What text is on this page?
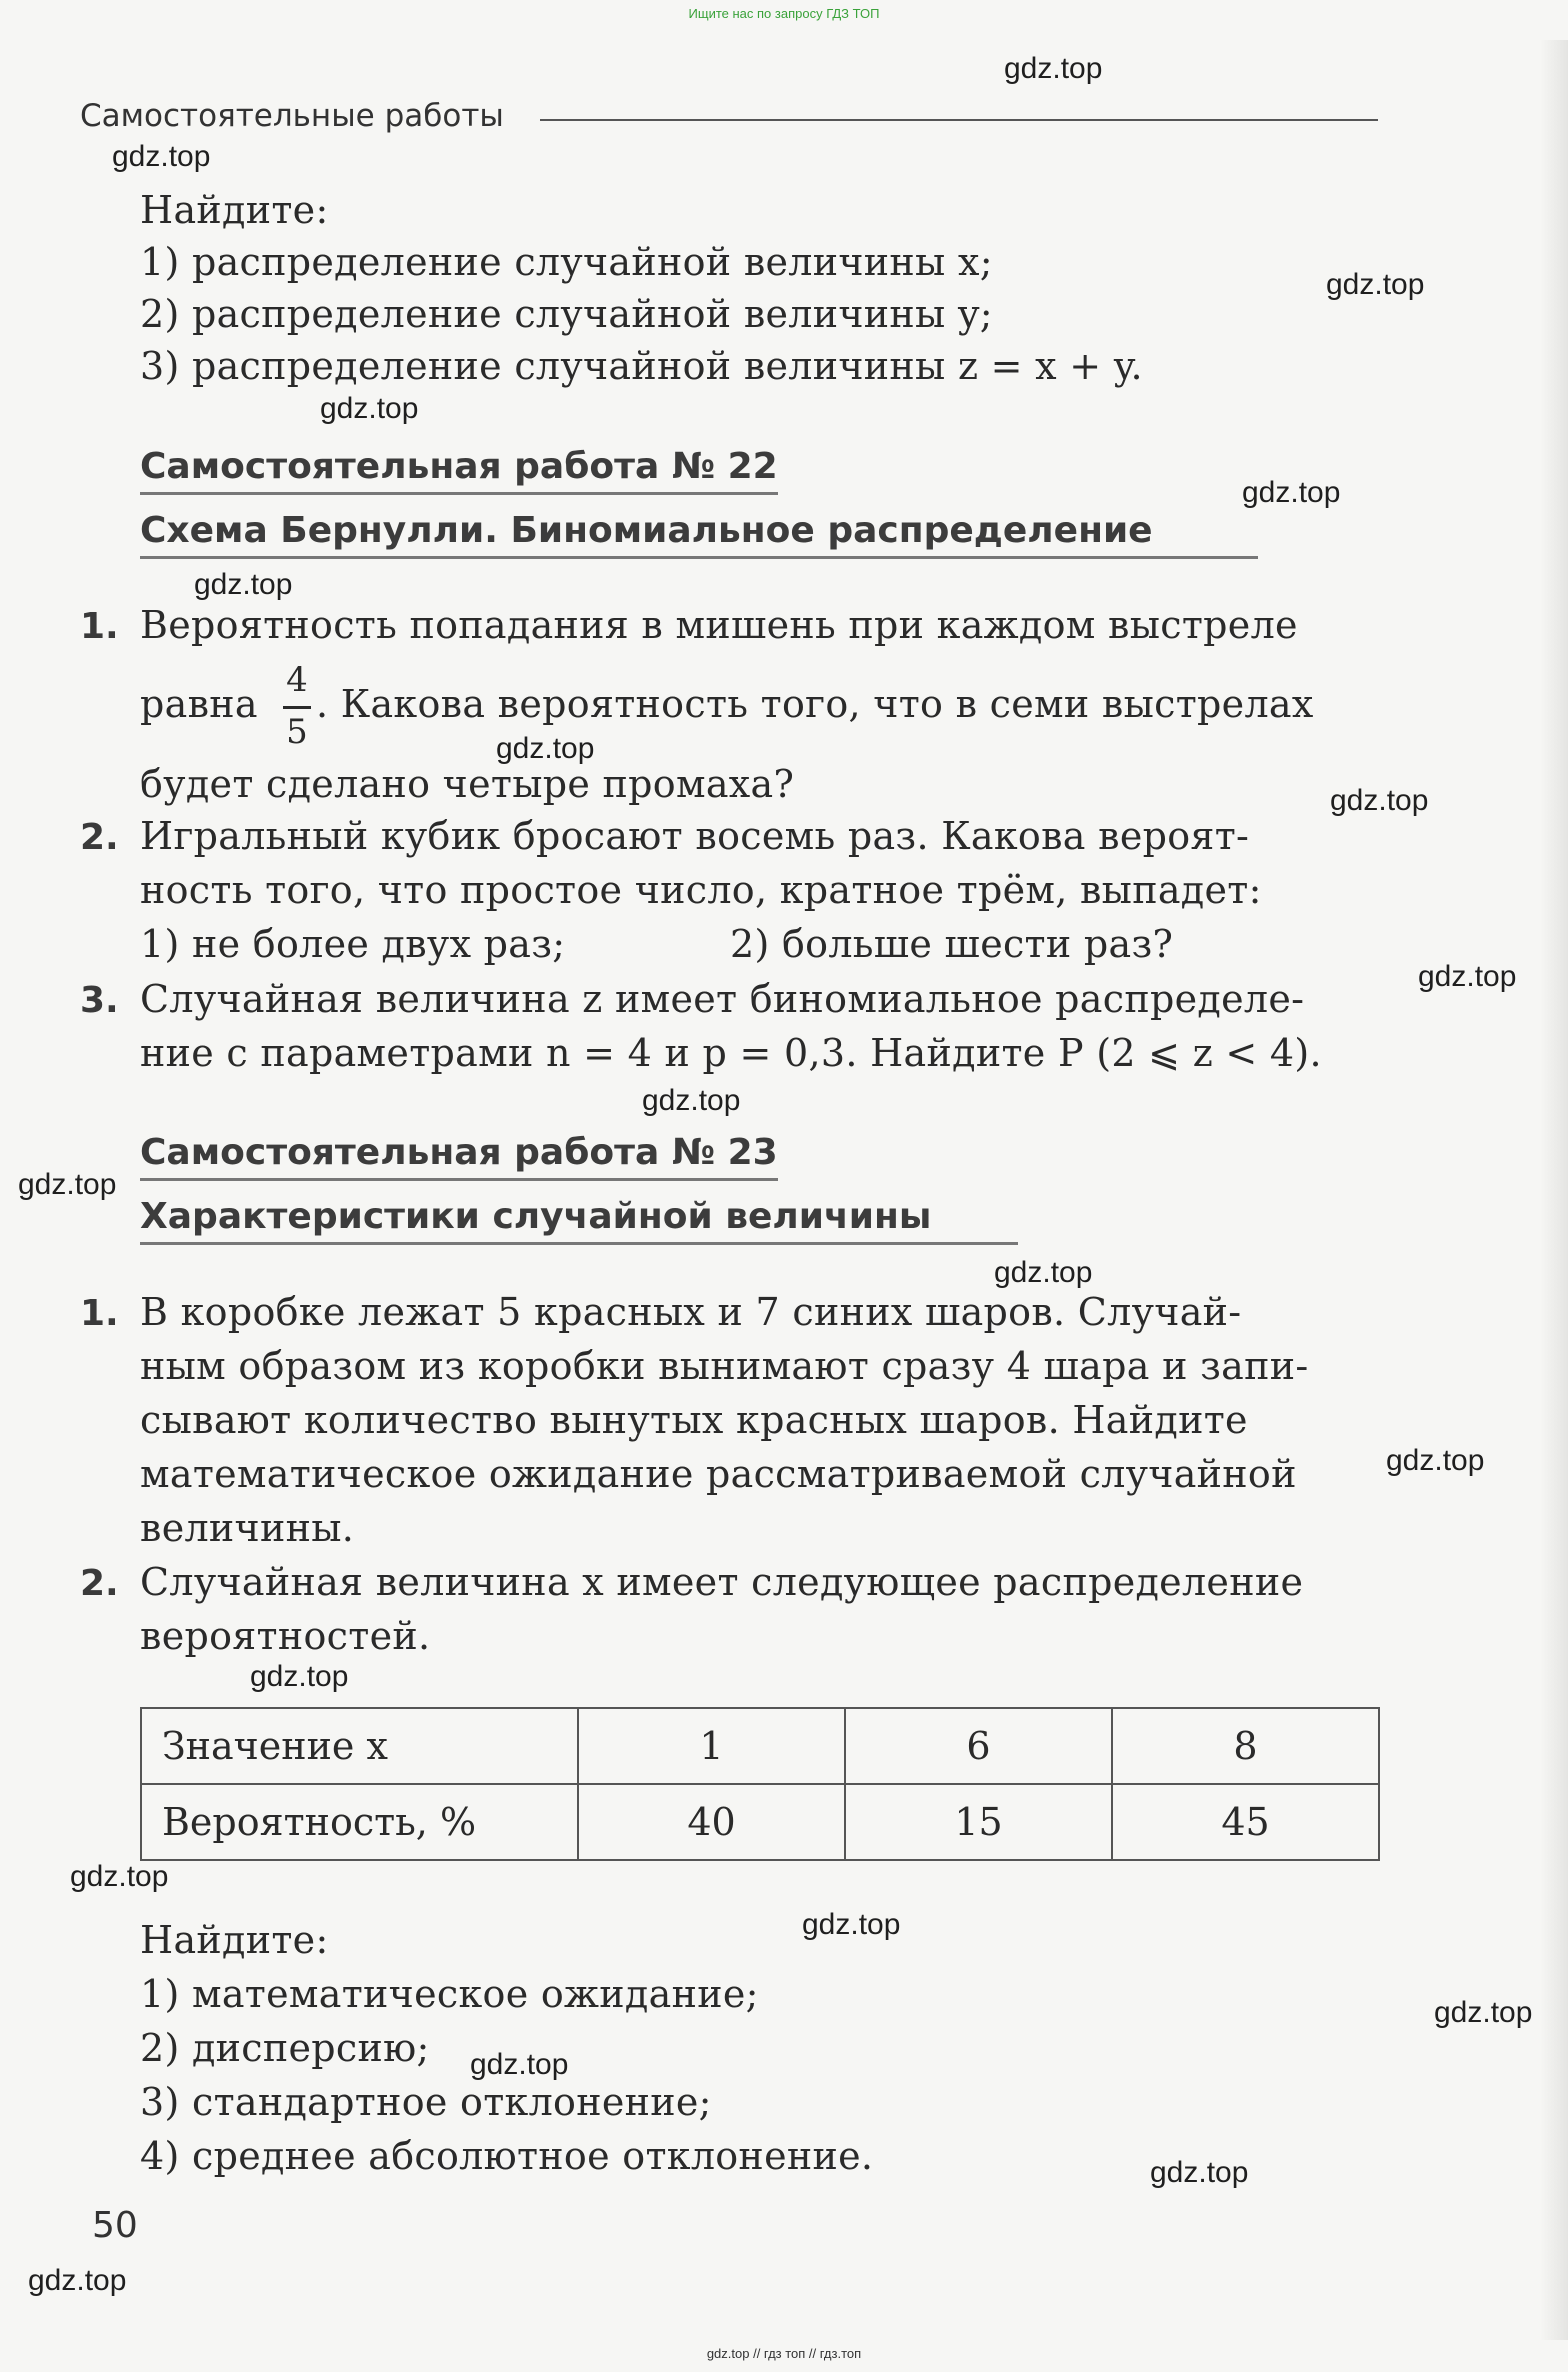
Ищите нас по запросу ГДЗ ТОП
Самостоятельные работы
Найдите:
1) распределение случайной величины x;
2) распределение случайной величины y;
3) распределение случайной величины z = x + y.
Самостоятельная работа № 22
Схема Бернулли. Биномиальное распределение
1. Вероятность попадания в мишень при каждом выстреле
равна
4
5
. Какова вероятность того, что в семи выстрелах
будет сделано четыре промаха?
2. Игральный кубик бросают восемь раз. Какова вероят-
ность того, что простое число, кратное трём, выпадет:
1) не более двух раз;	2) больше шести раз?
3. Случайная величина z имеет биномиальное распределе-
ние с параметрами n = 4 и p = 0,3. Найдите P (2 ⩽ z < 4).
Самостоятельная работа № 23
Характеристики случайной величины
1. В коробке лежат 5 красных и 7 синих шаров. Случай-
ным образом из коробки вынимают сразу 4 шара и запи-
сывают количество вынутых красных шаров. Найдите
математическое ожидание рассматриваемой случайной
величины.
2. Случайная величина x имеет следующее распределение
вероятностей.
Значение x	1	6	8
Вероятность, %	40	15	45
Найдите:
1) математическое ожидание;
2) дисперсию;
3) стандартное отклонение;
4) среднее абсолютное отклонение.
50
gdz.top
gdz.top
gdz.top
gdz.top
gdz.top
gdz.top
gdz.top
gdz.top
gdz.top
gdz.top
gdz.top
gdz.top
gdz.top
gdz.top
gdz.top
gdz.top
gdz.top
gdz.top
gdz.top
gdz.top
gdz.top // гдз топ // гдз.топ
